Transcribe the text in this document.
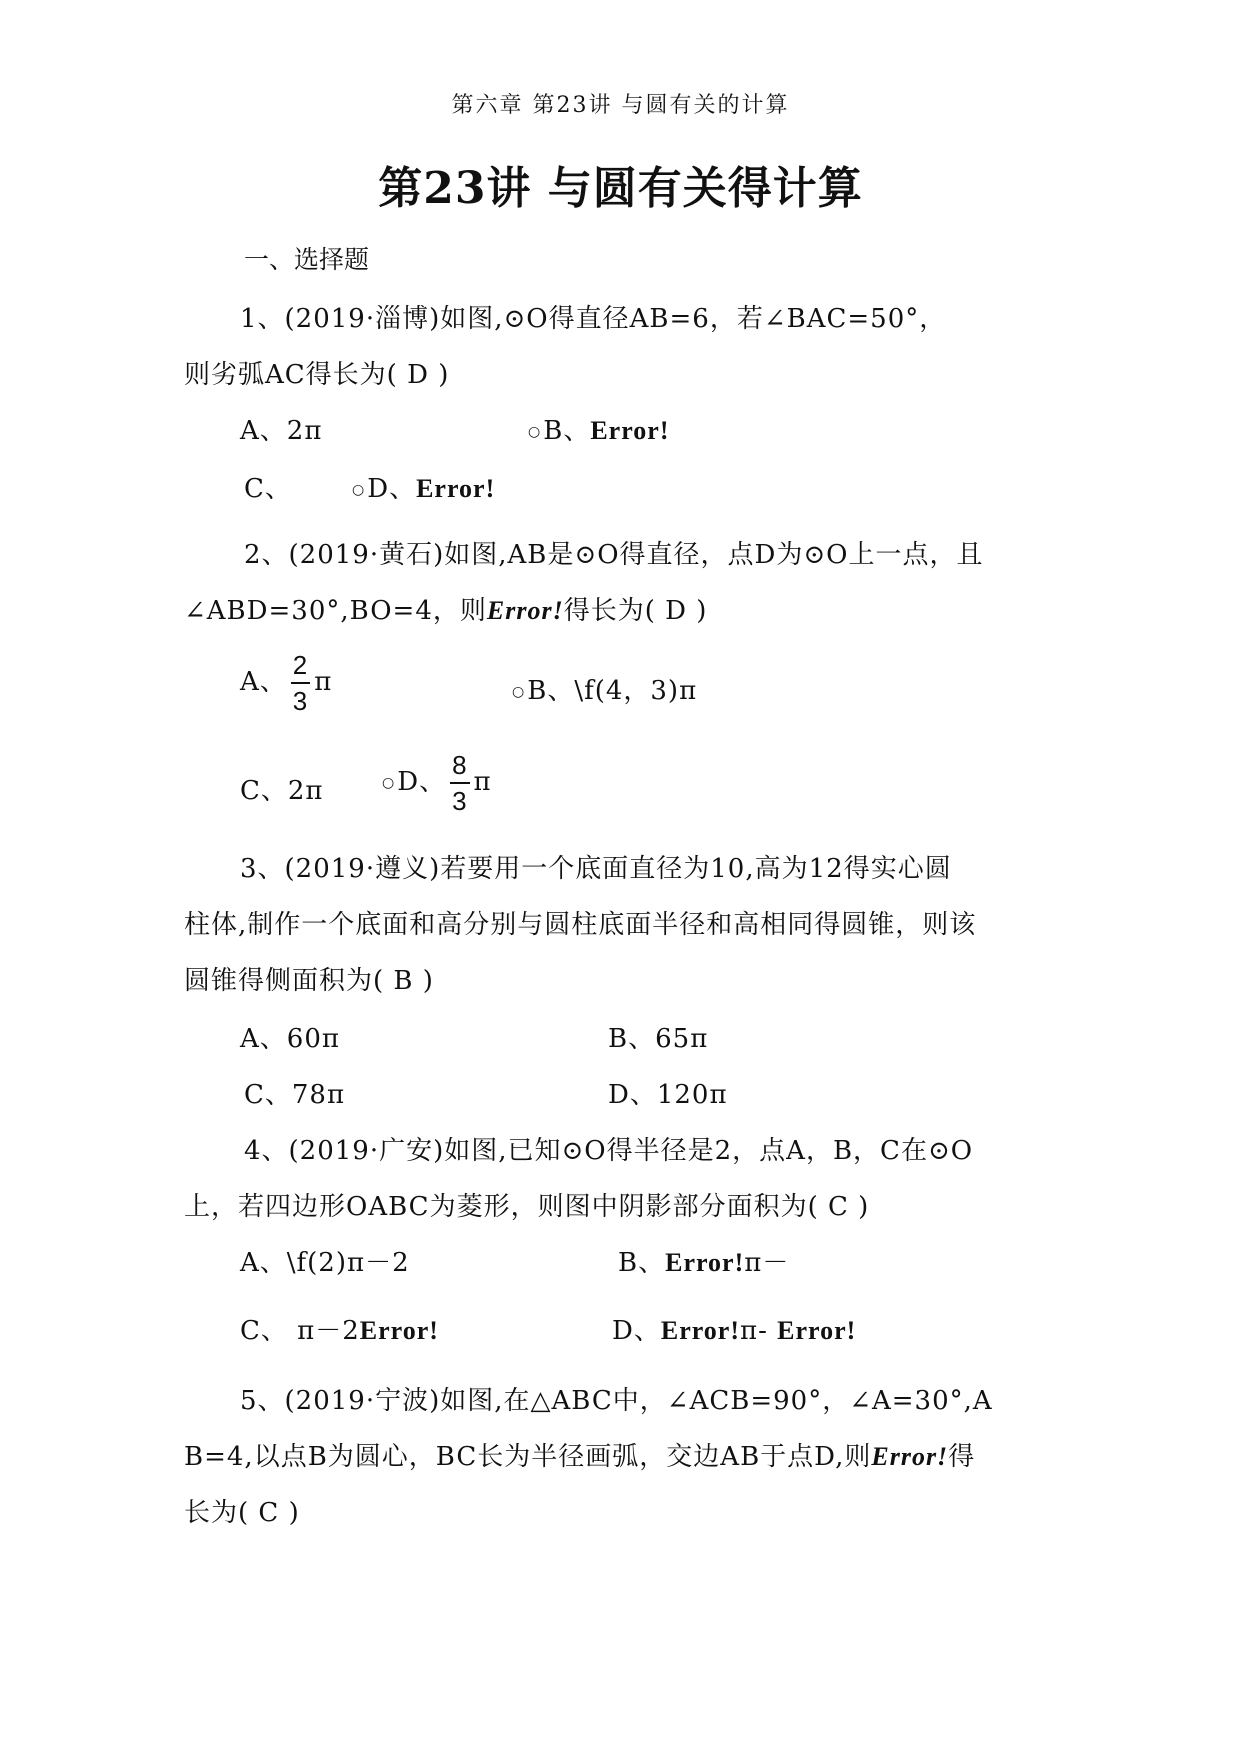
第六章 第23讲 与圆有关的计算
第23讲 与圆有关得计算
一、选择题
1、(2019·淄博)如图,⊙O得直径AB=6，若∠BAC=50°，
则劣弧AC得长为( D )
A、2π	○B、Error!
C、	○D、Error!
2、(2019·黄石)如图,AB是⊙O得直径，点D为⊙O上一点，且
∠ABD=30°,BO=4，则Error!得长为( D )
A、 $\frac{2}{3}$ π	○B、\f(4，3)π
C、2π	○D、 $\frac{8}{3}$ π
3、(2019·遵义)若要用一个底面直径为10,高为12得实心圆
柱体,制作一个底面和高分别与圆柱底面半径和高相同得圆锥，则该
圆锥得侧面积为( B )
A、60π	B、65π
C、78π	D、120π
4、(2019·广安)如图,已知⊙O得半径是2，点A，B，C在⊙O
上，若四边形OABC为菱形，则图中阴影部分面积为( C )
A、\f(2)π－2	B、Error!π－
C、 π－2Error!	D、Error!π- Error!
5、(2019·宁波)如图,在△ABC中，∠ACB=90°，∠A=30°,A
B=4,以点B为圆心，BC长为半径画弧，交边AB于点D,则Error!得
长为( C )
